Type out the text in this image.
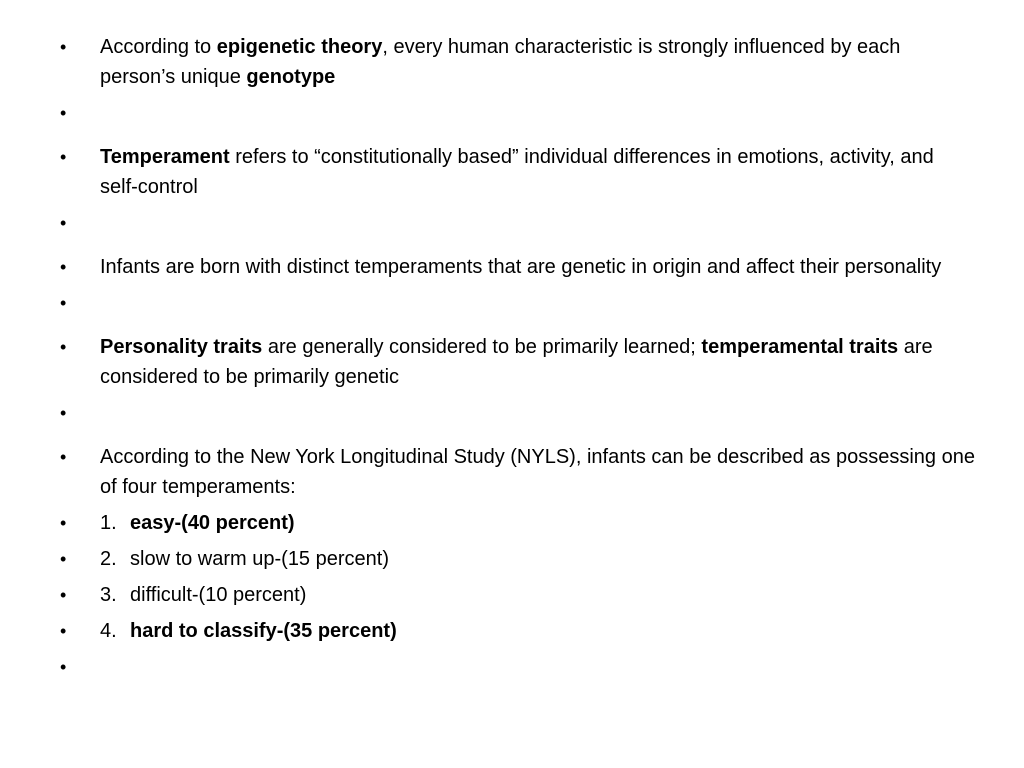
• According to epigenetic theory, every human characteristic is strongly influenced by each person’s unique genotype
•
• Temperament refers to “constitutionally based” individual differences in emotions, activity, and self-control
•
• Infants are born with distinct temperaments that are genetic in origin and affect their personality
•
• Personality traits are generally considered to be primarily learned; temperamental traits are considered to be primarily genetic
•
• According to the New York Longitudinal Study (NYLS), infants can be described as possessing one of four temperaments:
• 1. easy-(40 percent)
• 2. slow to warm up-(15 percent)
• 3. difficult-(10 percent)
• 4. hard to classify-(35 percent)
•
